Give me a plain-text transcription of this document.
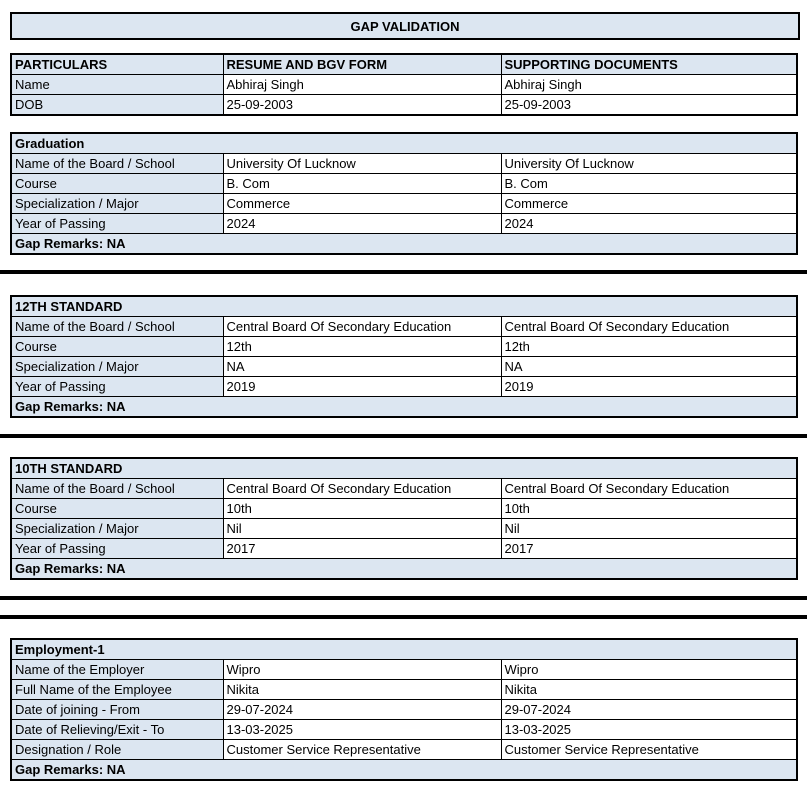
GAP VALIDATION
PARTICULARS	RESUME AND BGV FORM	SUPPORTING DOCUMENTS
Name	Abhiraj Singh	Abhiraj Singh
DOB	25-09-2003	25-09-2003
Graduation		
Name of the Board / School	University Of Lucknow	University Of Lucknow
Course	B. Com	B. Com
Specialization / Major	Commerce	Commerce
Year of Passing	2024	2024
Gap Remarks: NA		
12TH STANDARD		
Name of the Board / School	Central Board Of Secondary Education	Central Board Of Secondary Education
Course	12th	12th
Specialization / Major	NA	NA
Year of Passing	2019	2019
Gap Remarks: NA		
10TH STANDARD		
Name of the Board / School	Central Board Of Secondary Education	Central Board Of Secondary Education
Course	10th	10th
Specialization / Major	Nil	Nil
Year of Passing	2017	2017
Gap Remarks: NA		
Employment-1		
Name of the Employer	Wipro	Wipro
Full Name of the Employee	Nikita	Nikita
Date of joining - From	29-07-2024	29-07-2024
Date of Relieving/Exit - To	13-03-2025	13-03-2025
Designation / Role	Customer Service Representative	Customer Service Representative
Gap Remarks: NA		
